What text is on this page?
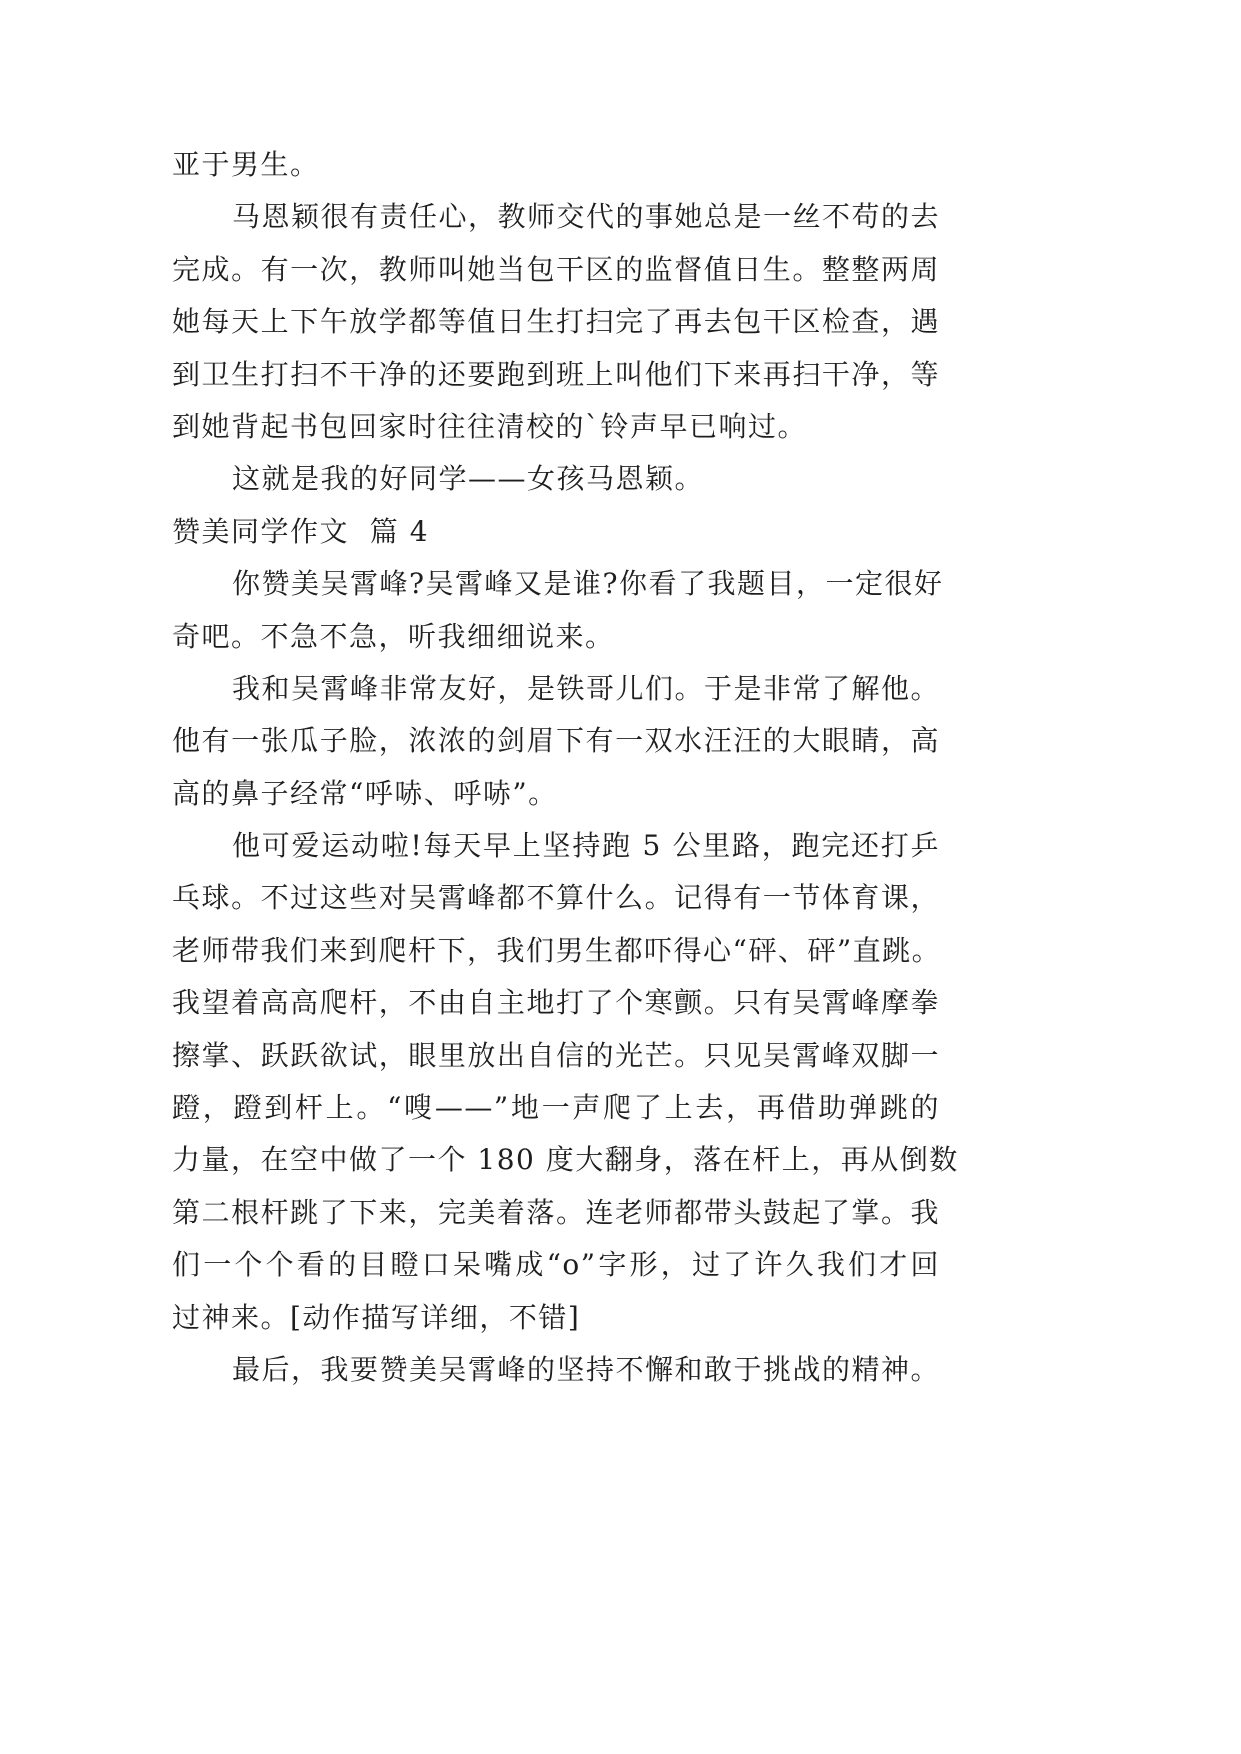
亚于男生。
马恩颖很有责任心，教师交代的事她总是一丝不苟的去
完成。有一次，教师叫她当包干区的监督值日生。整整两周
她每天上下午放学都等值日生打扫完了再去包干区检查，遇
到卫生打扫不干净的还要跑到班上叫他们下来再扫干净，等
到她背起书包回家时往往清校的`铃声早已响过。
这就是我的好同学——女孩马恩颖。
赞美同学作文  篇 4
你赞美吴霄峰?吴霄峰又是谁?你看了我题目，一定很好
奇吧。不急不急，听我细细说来。
我和吴霄峰非常友好，是铁哥儿们。于是非常了解他。
他有一张瓜子脸，浓浓的剑眉下有一双水汪汪的大眼睛，高
高的鼻子经常“呼哧、呼哧”。
他可爱运动啦!每天早上坚持跑 5 公里路，跑完还打乒
乓球。不过这些对吴霄峰都不算什么。记得有一节体育课，
老师带我们来到爬杆下，我们男生都吓得心“砰、砰”直跳。
我望着高高爬杆，不由自主地打了个寒颤。只有吴霄峰摩拳
擦掌、跃跃欲试，眼里放出自信的光芒。只见吴霄峰双脚一
蹬，蹬到杆上。“嗖——”地一声爬了上去，再借助弹跳的
力量，在空中做了一个 180 度大翻身，落在杆上，再从倒数
第二根杆跳了下来，完美着落。连老师都带头鼓起了掌。我
们一个个看的目瞪口呆嘴成“o”字形，过了许久我们才回
过神来。[动作描写详细，不错]
最后，我要赞美吴霄峰的坚持不懈和敢于挑战的精神。
